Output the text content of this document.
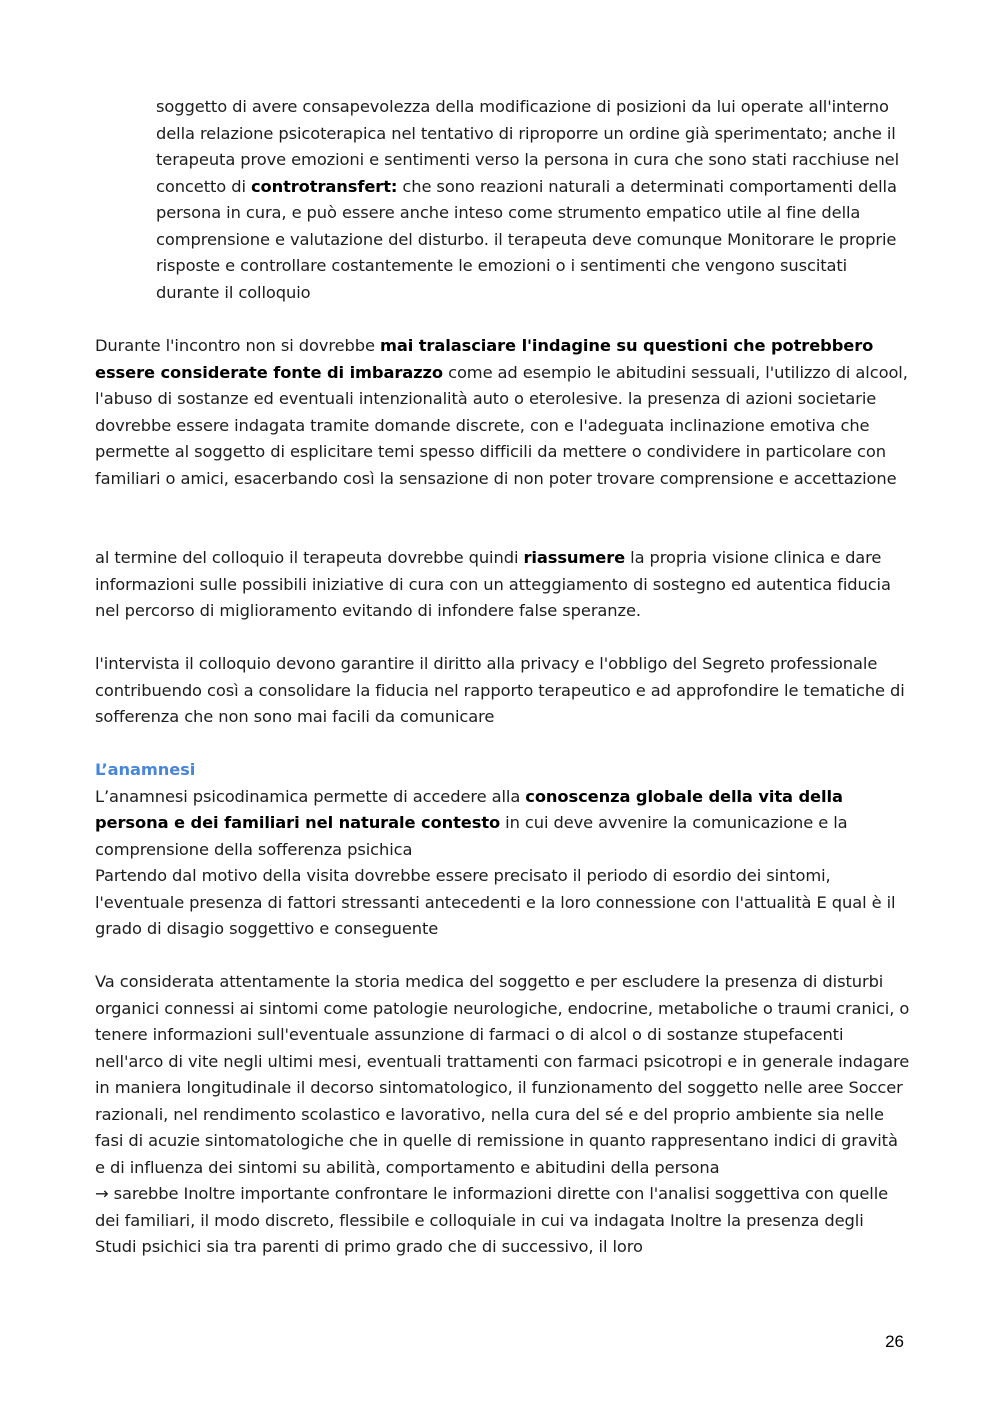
soggetto di avere consapevolezza della modificazione di posizioni da lui operate all'interno della relazione psicoterapica nel tentativo di riproporre un ordine già sperimentato; anche il terapeuta prove emozioni e sentimenti verso la persona in cura che sono stati racchiuse nel concetto di controtransfert: che sono reazioni naturali a determinati comportamenti della persona in cura, e può essere anche inteso come strumento empatico utile al fine della comprensione e valutazione del disturbo. il terapeuta deve comunque Monitorare le proprie risposte e controllare costantemente le emozioni o i sentimenti che vengono suscitati durante il colloquio

Durante l'incontro non si dovrebbe mai tralasciare l'indagine su questioni che potrebbero essere considerate fonte di imbarazzo come ad esempio le abitudini sessuali, l'utilizzo di alcool, l'abuso di sostanze ed eventuali intenzionalità auto o eterolesive. la presenza di azioni societarie dovrebbe essere indagata tramite domande discrete, con e l'adeguata inclinazione emotiva che permette al soggetto di esplicitare temi spesso difficili da mettere o condividere in particolare con familiari o amici, esacerbando così la sensazione di non poter trovare comprensione e accettazione

al termine del colloquio il terapeuta dovrebbe quindi riassumere la propria visione clinica e dare informazioni sulle possibili iniziative di cura con un atteggiamento di sostegno ed autentica fiducia nel percorso di miglioramento evitando di infondere false speranze.

l'intervista il colloquio devono garantire il diritto alla privacy e l'obbligo del Segreto professionale contribuendo così a consolidare la fiducia nel rapporto terapeutico e ad approfondire le tematiche di sofferenza che non sono mai facili da comunicare

L’anamnesi

L’anamnesi psicodinamica permette di accedere alla conoscenza globale della vita della persona e dei familiari nel naturale contesto in cui deve avvenire la comunicazione e la comprensione della sofferenza psichica

Partendo dal motivo della visita dovrebbe essere precisato il periodo di esordio dei sintomi, l'eventuale presenza di fattori stressanti antecedenti e la loro connessione con l'attualità E qual è il grado di disagio soggettivo e conseguente

Va considerata attentamente la storia medica del soggetto e per escludere la presenza di disturbi organici connessi ai sintomi come patologie neurologiche, endocrine, metaboliche o traumi cranici, o tenere informazioni sull'eventuale assunzione di farmaci o di alcol o di sostanze stupefacenti nell'arco di vite negli ultimi mesi, eventuali trattamenti con farmaci psicotropi e in generale indagare in maniera longitudinale il decorso sintomatologico, il funzionamento del soggetto nelle aree Soccer razionali, nel rendimento scolastico e lavorativo, nella cura del sé e del proprio ambiente sia nelle fasi di acuzie sintomatologiche che in quelle di remissione in quanto rappresentano indici di gravità e di influenza dei sintomi su abilità, comportamento e abitudini della persona

→ sarebbe Inoltre importante confrontare le informazioni dirette con l'analisi soggettiva con quelle dei familiari, il modo discreto, flessibile e colloquiale in cui va indagata Inoltre la presenza degli Studi psichici sia tra parenti di primo grado che di successivo, il loro

26
